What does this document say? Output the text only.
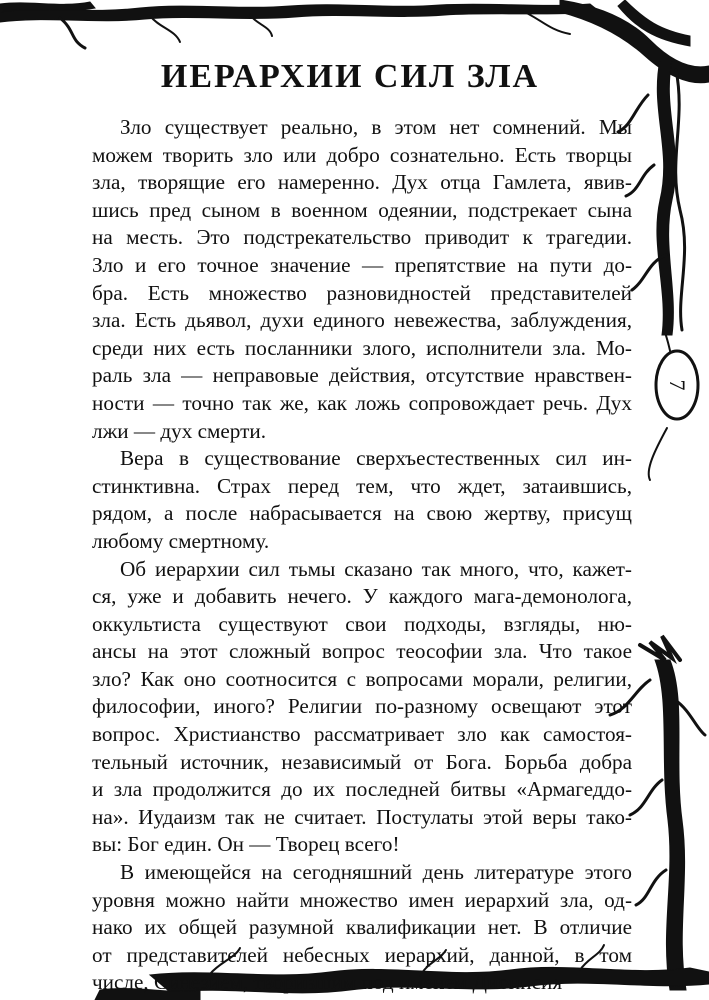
ИЕРАРХИИ СИЛ ЗЛА
Зло существует реально, в этом нет сомнений. Мы
можем творить зло или добро сознательно. Есть творцы
зла, творящие его намеренно. Дух отца Гамлета, явив-
шись пред сыном в военном одеянии, подстрекает сына
на месть. Это подстрекательство приводит к трагедии.
Зло и его точное значение — препятствие на пути до-
бра. Есть множество разновидностей представителей
зла. Есть дьявол, духи единого невежества, заблуждения,
среди них есть посланники злого, исполнители зла. Мо-
раль зла — неправовые действия, отсутствие нравствен-
ности — точно так же, как ложь сопровождает речь. Дух
лжи — дух смерти.
Вера в существование сверхъестественных сил ин-
стинктивна. Страх перед тем, что ждет, затаившись,
рядом, а после набрасывается на свою жертву, присущ
любому смертному.
Об иерархии сил тьмы сказано так много, что, кажет-
ся, уже и добавить нечего. У каждого мага-демонолога,
оккультиста существуют свои подходы, взгляды, ню-
ансы на этот сложный вопрос теософии зла. Что такое
зло? Как оно соотносится с вопросами морали, религии,
философии, иного? Религии по-разному освещают этот
вопрос. Христианство рассматривает зло как самостоя-
тельный источник, независимый от Бога. Борьба добра
и зла продолжится до их последней битвы «Армагеддо-
на». Иудаизм так не считает. Постулаты этой веры тако-
вы: Бог един. Он — Творец всего!
В имеющейся на сегодняшний день литературе этого
уровня можно найти множество имен иерархий зла, од-
нако их общей разумной квалификации нет. В отличие
от представителей небесных иерархий, данной, в том
числе, Синезием, творившим под именем Дионисия
7
